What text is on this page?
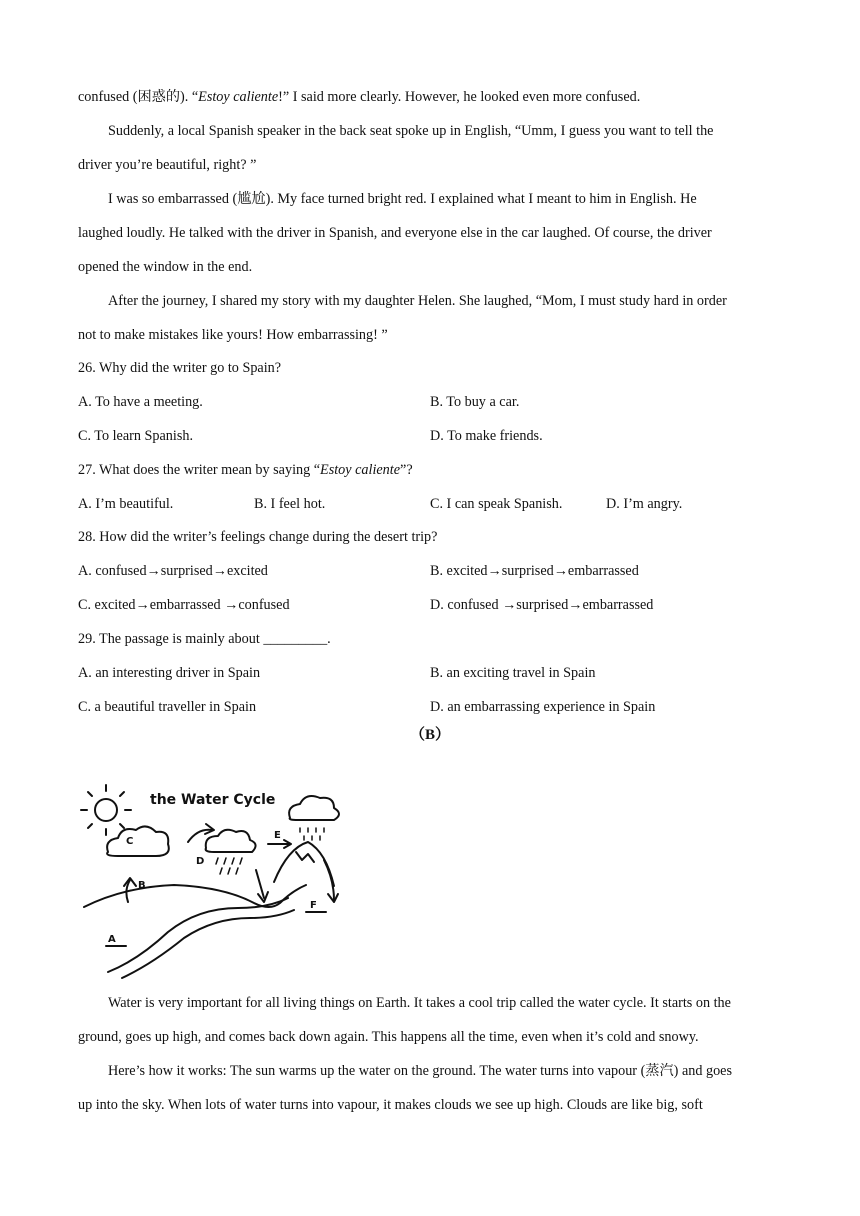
confused (困惑的). “Estoy caliente!” I said more clearly. However, he looked even more confused.
Suddenly, a local Spanish speaker in the back seat spoke up in English, “Umm, I guess you want to tell the
driver you’re beautiful, right? ”
I was so embarrassed (尴尬). My face turned bright red. I explained what I meant to him in English. He
laughed loudly. He talked with the driver in Spanish, and everyone else in the car laughed. Of course, the driver
opened the window in the end.
After the journey, I shared my story with my daughter Helen. She laughed, “Mom, I must study hard in order
not to make mistakes like yours! How embarrassing! ”
26. Why did the writer go to Spain?
A. To have a meeting.	B. To buy a car.
C. To learn Spanish.	D. To make friends.
27. What does the writer mean by saying “Estoy caliente”?
A. I’m beautiful.	B. I feel hot.	C. I can speak Spanish.	D. I’m angry.
28. How did the writer’s feelings change during the desert trip?
A. confused→surprised→excited	B. excited→surprised→embarrassed
C. excited→embarrassed →confused	D. confused →surprised→embarrassed
29. The passage is mainly about _________.
A. an interesting driver in Spain	B. an exciting travel in Spain
C. a beautiful traveller in Spain	D. an embarrassing experience in Spain
（B）
the Water Cycle
A
B
C
D
E
F
Water is very important for all living things on Earth. It takes a cool trip called the water cycle. It starts on the
ground, goes up high, and comes back down again. This happens all the time, even when it’s cold and snowy.
Here’s how it works: The sun warms up the water on the ground. The water turns into vapour (蒸汽) and goes
up into the sky. When lots of water turns into vapour, it makes clouds we see up high. Clouds are like big, soft
